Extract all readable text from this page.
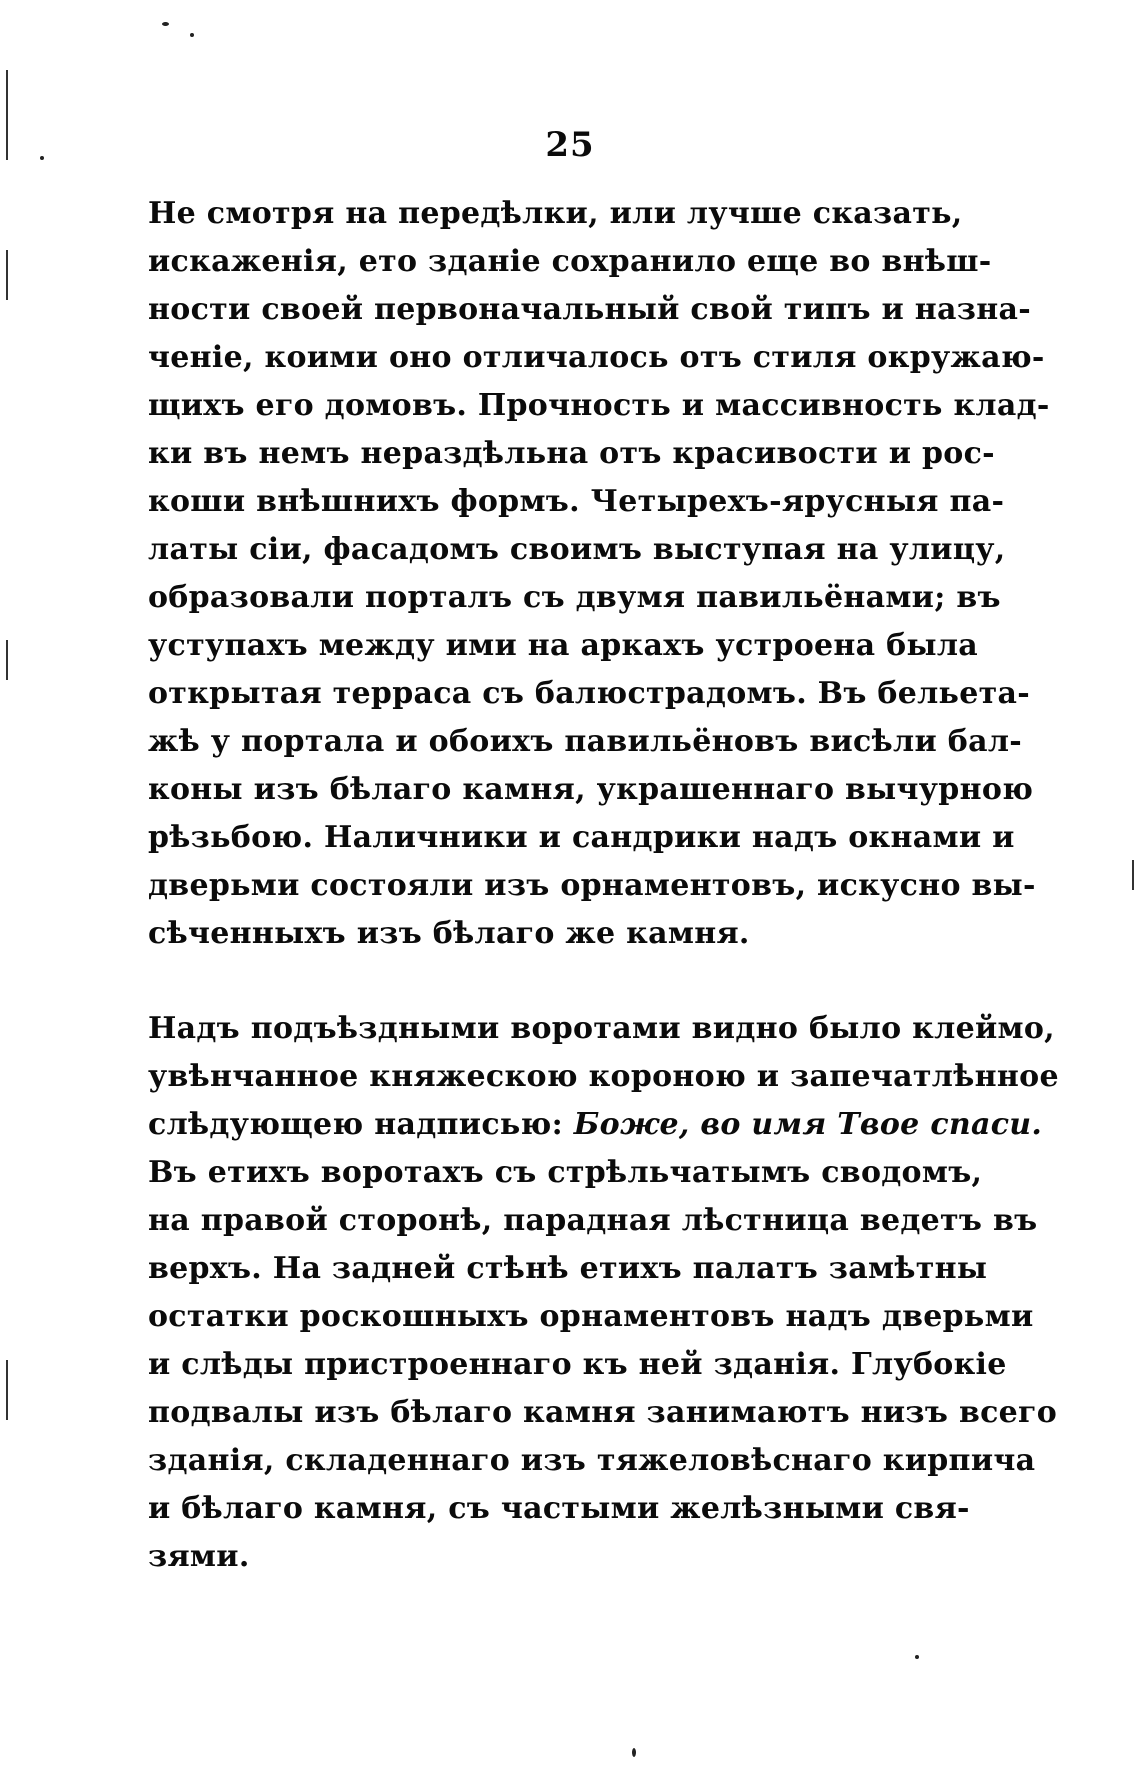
25
Не смотря на передѣлки, или лучше сказать,
искаженія, ето зданіе сохранило еще во внѣш-
ности своей первоначальный свой типъ и назна-
ченіе, коими оно отличалось отъ стиля окружаю-
щихъ его домовъ. Прочность и массивность клад-
ки въ немъ нераздѣльна отъ красивости и рос-
коши внѣшнихъ формъ. Четырехъ-ярусныя па-
латы сіи, фасадомъ своимъ выступая на улицу,
образовали порталъ съ двумя павильёнами; въ
уступахъ между ими на аркахъ устроена была
открытая терраса съ балюстрадомъ. Въ бельета-
жѣ у портала и обоихъ павильёновъ висѣли бал-
коны изъ бѣлаго камня, украшеннаго вычурною
рѣзьбою. Наличники и сандрики надъ окнами и
дверьми состояли изъ орнаментовъ, искусно вы-
сѣченныхъ изъ бѣлаго же камня.
Надъ подъѣздными воротами видно было клеймо,
увѣнчанное княжескою короною и запечатлѣнное
слѣдующею надписью: Боже, во имя Твое спаси.
Въ етихъ воротахъ съ стрѣльчатымъ сводомъ,
на правой сторонѣ, парадная лѣстница ведетъ въ
верхъ. На задней стѣнѣ етихъ палатъ замѣтны
остатки роскошныхъ орнаментовъ надъ дверьми
и слѣды пристроеннаго къ ней зданія. Глубокіе
подвалы изъ бѣлаго камня занимаютъ низъ всего
зданія, складеннаго изъ тяжеловѣснаго кирпича
и бѣлаго камня, съ частыми желѣзными свя-
зями.
